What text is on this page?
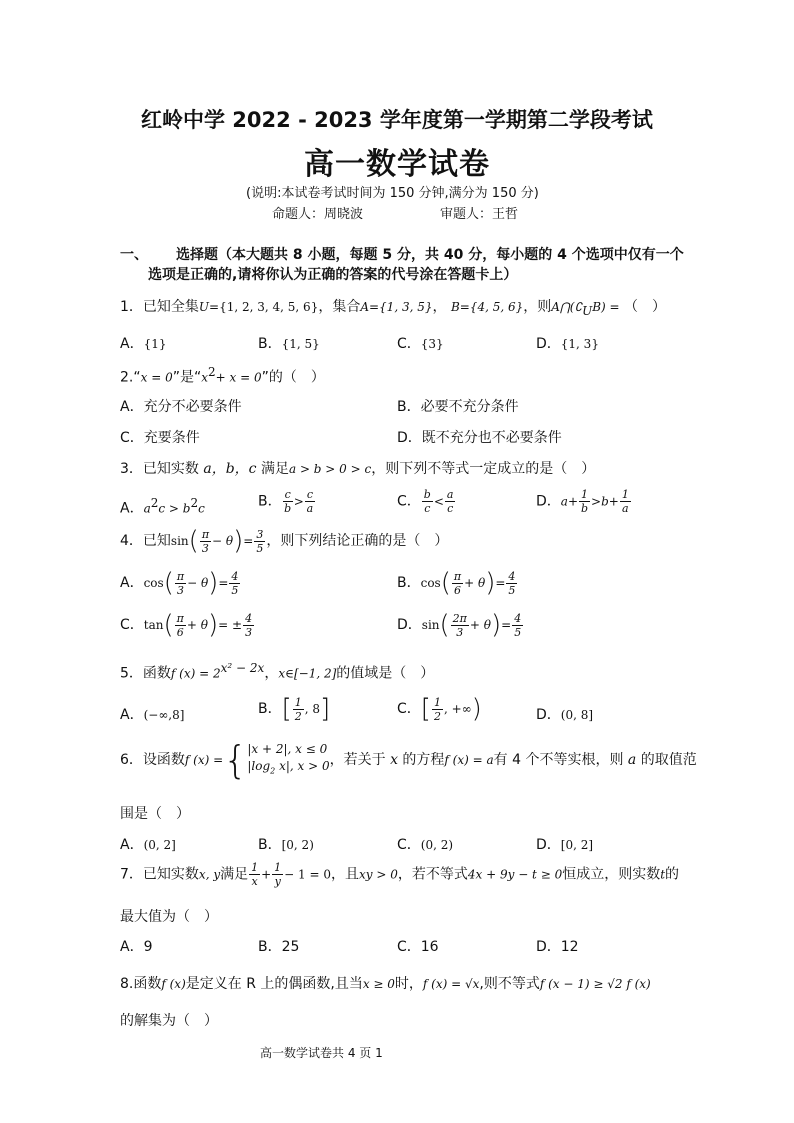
红岭中学 2022 - 2023 学年度第一学期第二学段考试
高一数学试卷
(说明:本试卷考试时间为 150 分钟,满分为 150 分)
命题人：周晓波	审题人：王哲
一、 选择题（本大题共 8 小题，每题 5 分，共 40 分，每小题的 4 个选项中仅有一个
选项是正确的,请将你认为正确的答案的代号涂在答题卡上）
1．已知全集U={1, 2, 3, 4, 5, 6}，集合A={1, 3, 5}， B={4, 5, 6}，则$A⋂(∁_UB)$ = （　）
A．{1}	B．{1, 5}	C．{3}	D．{1, 3}
2.“x = 0”是“$x^2+ x = 0$”的（　）
A．充分不必要条件	B．必要不充分条件
C．充要条件	D．既不充分也不必要条件
3．已知实数 a，b，c 满足a > b > 0 > c，则下列不等式一定成立的是（　）
A．$a^2c > b^2c$	B． $\frac{c}{b} > \frac{c}{a}$	C． $\frac{b}{c} < \frac{a}{c}$	D．$a+ \frac{1}{b} >b+ \frac{1}{a}$
4．已知$\sin( \frac{\pi}{3} - \theta)= \frac{3}{5}$ ，则下列结论正确的是（　）
A．$\cos( \frac{\pi}{3} - \theta)= \frac{4}{5}$	B．$\cos( \frac{\pi}{6} + \theta)= \frac{4}{5}$
C．$\tan( \frac{\pi}{6} + \theta)= \pm \frac{4}{3}$	D．$\sin( \frac{2\pi}{3} + \theta)= \frac{4}{5}$
5．函数f $(x) = 2^{x^2 - 2x}$，x∈[−1, 2]的值域是（　）
A．(−∞,8]	B．[ $\frac{1}{2}$ , 8]	C．[ $\frac{1}{2}$ , +∞)	D．(0, 8]
6．设函数f (x) ={ |x + 2|, x ≤ 0
$|\log_2$ x|, x > 0 ，若关于 x 的方程f (x) = a有 4 个不等实根，则 a 的取值范
围是（　）
A．(0, 2]	B．[0, 2)	C．(0, 2)	D．[0, 2]
7．已知实数x, y满足 $\frac{1}{x} + \frac{1}{y} - 1 = 0$，且xy > 0，若不等式4x + 9y − t ≥ 0恒成立，则实数t的
最大值为（　）
A．9	B．25	C．16	D．12
8.函数f (x)是定义在 R 上的偶函数,且当x ≥ 0时，f (x) = √x,则不等式f (x − 1) ≥ √2 f (x)
的解集为（　）
高一数学试卷共 4 页 1
